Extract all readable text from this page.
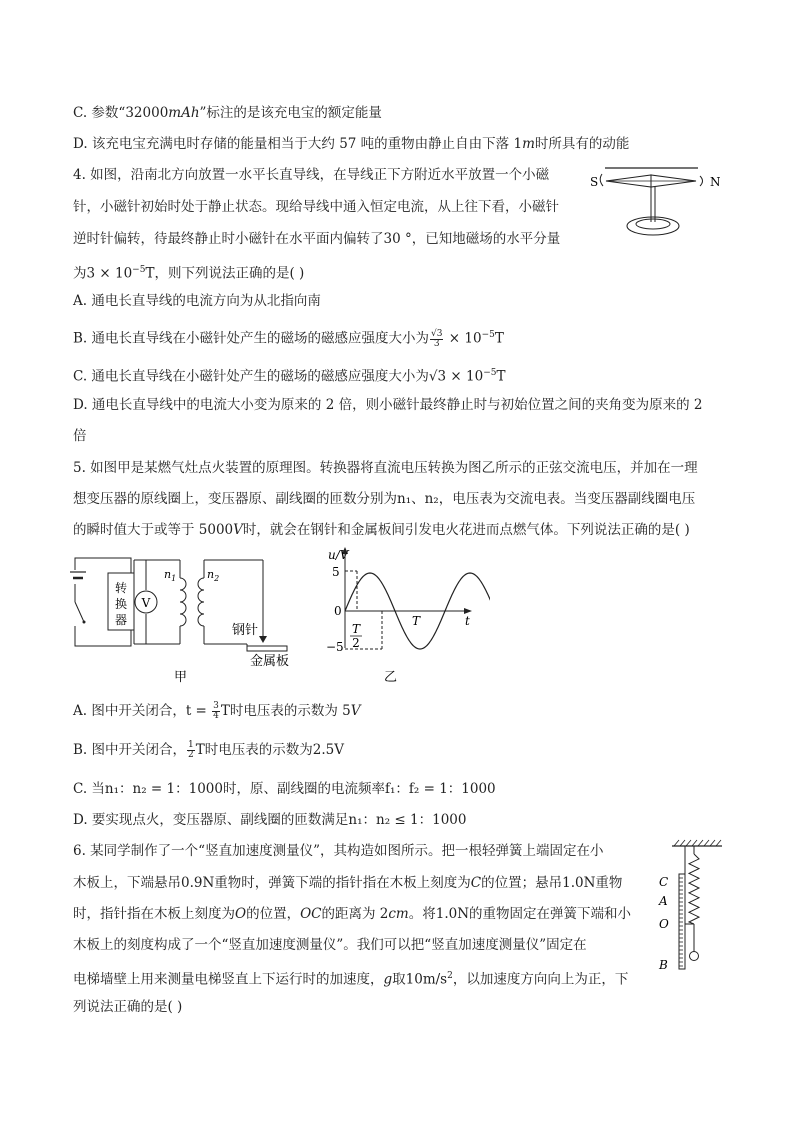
C. 参数“32000mAh”标注的是该充电宝的额定能量
D. 该充电宝充满电时存储的能量相当于大约 57 吨的重物由静止自由下落 1m时所具有的动能
4. 如图，沿南北方向放置一水平长直导线，在导线正下方附近水平放置一个小磁
针，小磁针初始时处于静止状态。现给导线中通入恒定电流，从上往下看，小磁针
逆时针偏转，待最终静止时小磁针在水平面内偏转了30 °，已知地磁场的水平分量
为$3 \times 10^{-5}T$，则下列说法正确的是( )
A. 通电长直导线的电流方向为从北指向南
B. 通电长直导线在小磁针处产生的磁场的磁感应强度大小为 $\frac{√3}{3} \times 10^{-5}T$
C. 通电长直导线在小磁针处产生的磁场的磁感应强度大小为$√3 \times 10^{-5}T$
D. 通电长直导线中的电流大小变为原来的 2 倍，则小磁针最终静止时与初始位置之间的夹角变为原来的 2
倍
S	N
5. 如图甲是某燃气灶点火装置的原理图。转换器将直流电压转换为图乙所示的正弦交流电压，并加在一理
想变压器的原线圈上，变压器原、副线圈的匝数分别为n₁、n₂，电压表为交流电表。当变压器副线圈电压
的瞬时值大于或等于 5000V时，就会在钢针和金属板间引发电火花进而点燃气体。下列说法正确的是( )
转
换
器
V
$n_1$	$n_2$
钢针
金属板
甲
u/V
5
0
−5
T
2
T	t
乙
A. 图中开关闭合，$t = \frac{3}{4}$ T时电压表的示数为 5V
B. 图中开关闭合， $\frac{1}{2}$ T时电压表的示数为2.5V
C. 当n₁：n₂ = 1：1000时，原、副线圈的电流频率f₁：f₂ = 1：1000
D. 要实现点火，变压器原、副线圈的匝数满足n₁：n₂ ≤ 1：1000
6. 某同学制作了一个“竖直加速度测量仪”，其构造如图所示。把一根轻弹簧上端固定在小
木板上，下端悬吊0.9N重物时，弹簧下端的指针指在木板上刻度为C的位置；悬吊1.0N重物
时，指针指在木板上刻度为O的位置，OC的距离为 2cm。将1.0N的重物固定在弹簧下端和小
木板上的刻度构成了一个“竖直加速度测量仪”。我们可以把“竖直加速度测量仪”固定在
电梯墙壁上用来测量电梯竖直上下运行时的加速度，g取$10m/s^2$，以加速度方向向上为正，下
列说法正确的是( )
C
A
O
B
